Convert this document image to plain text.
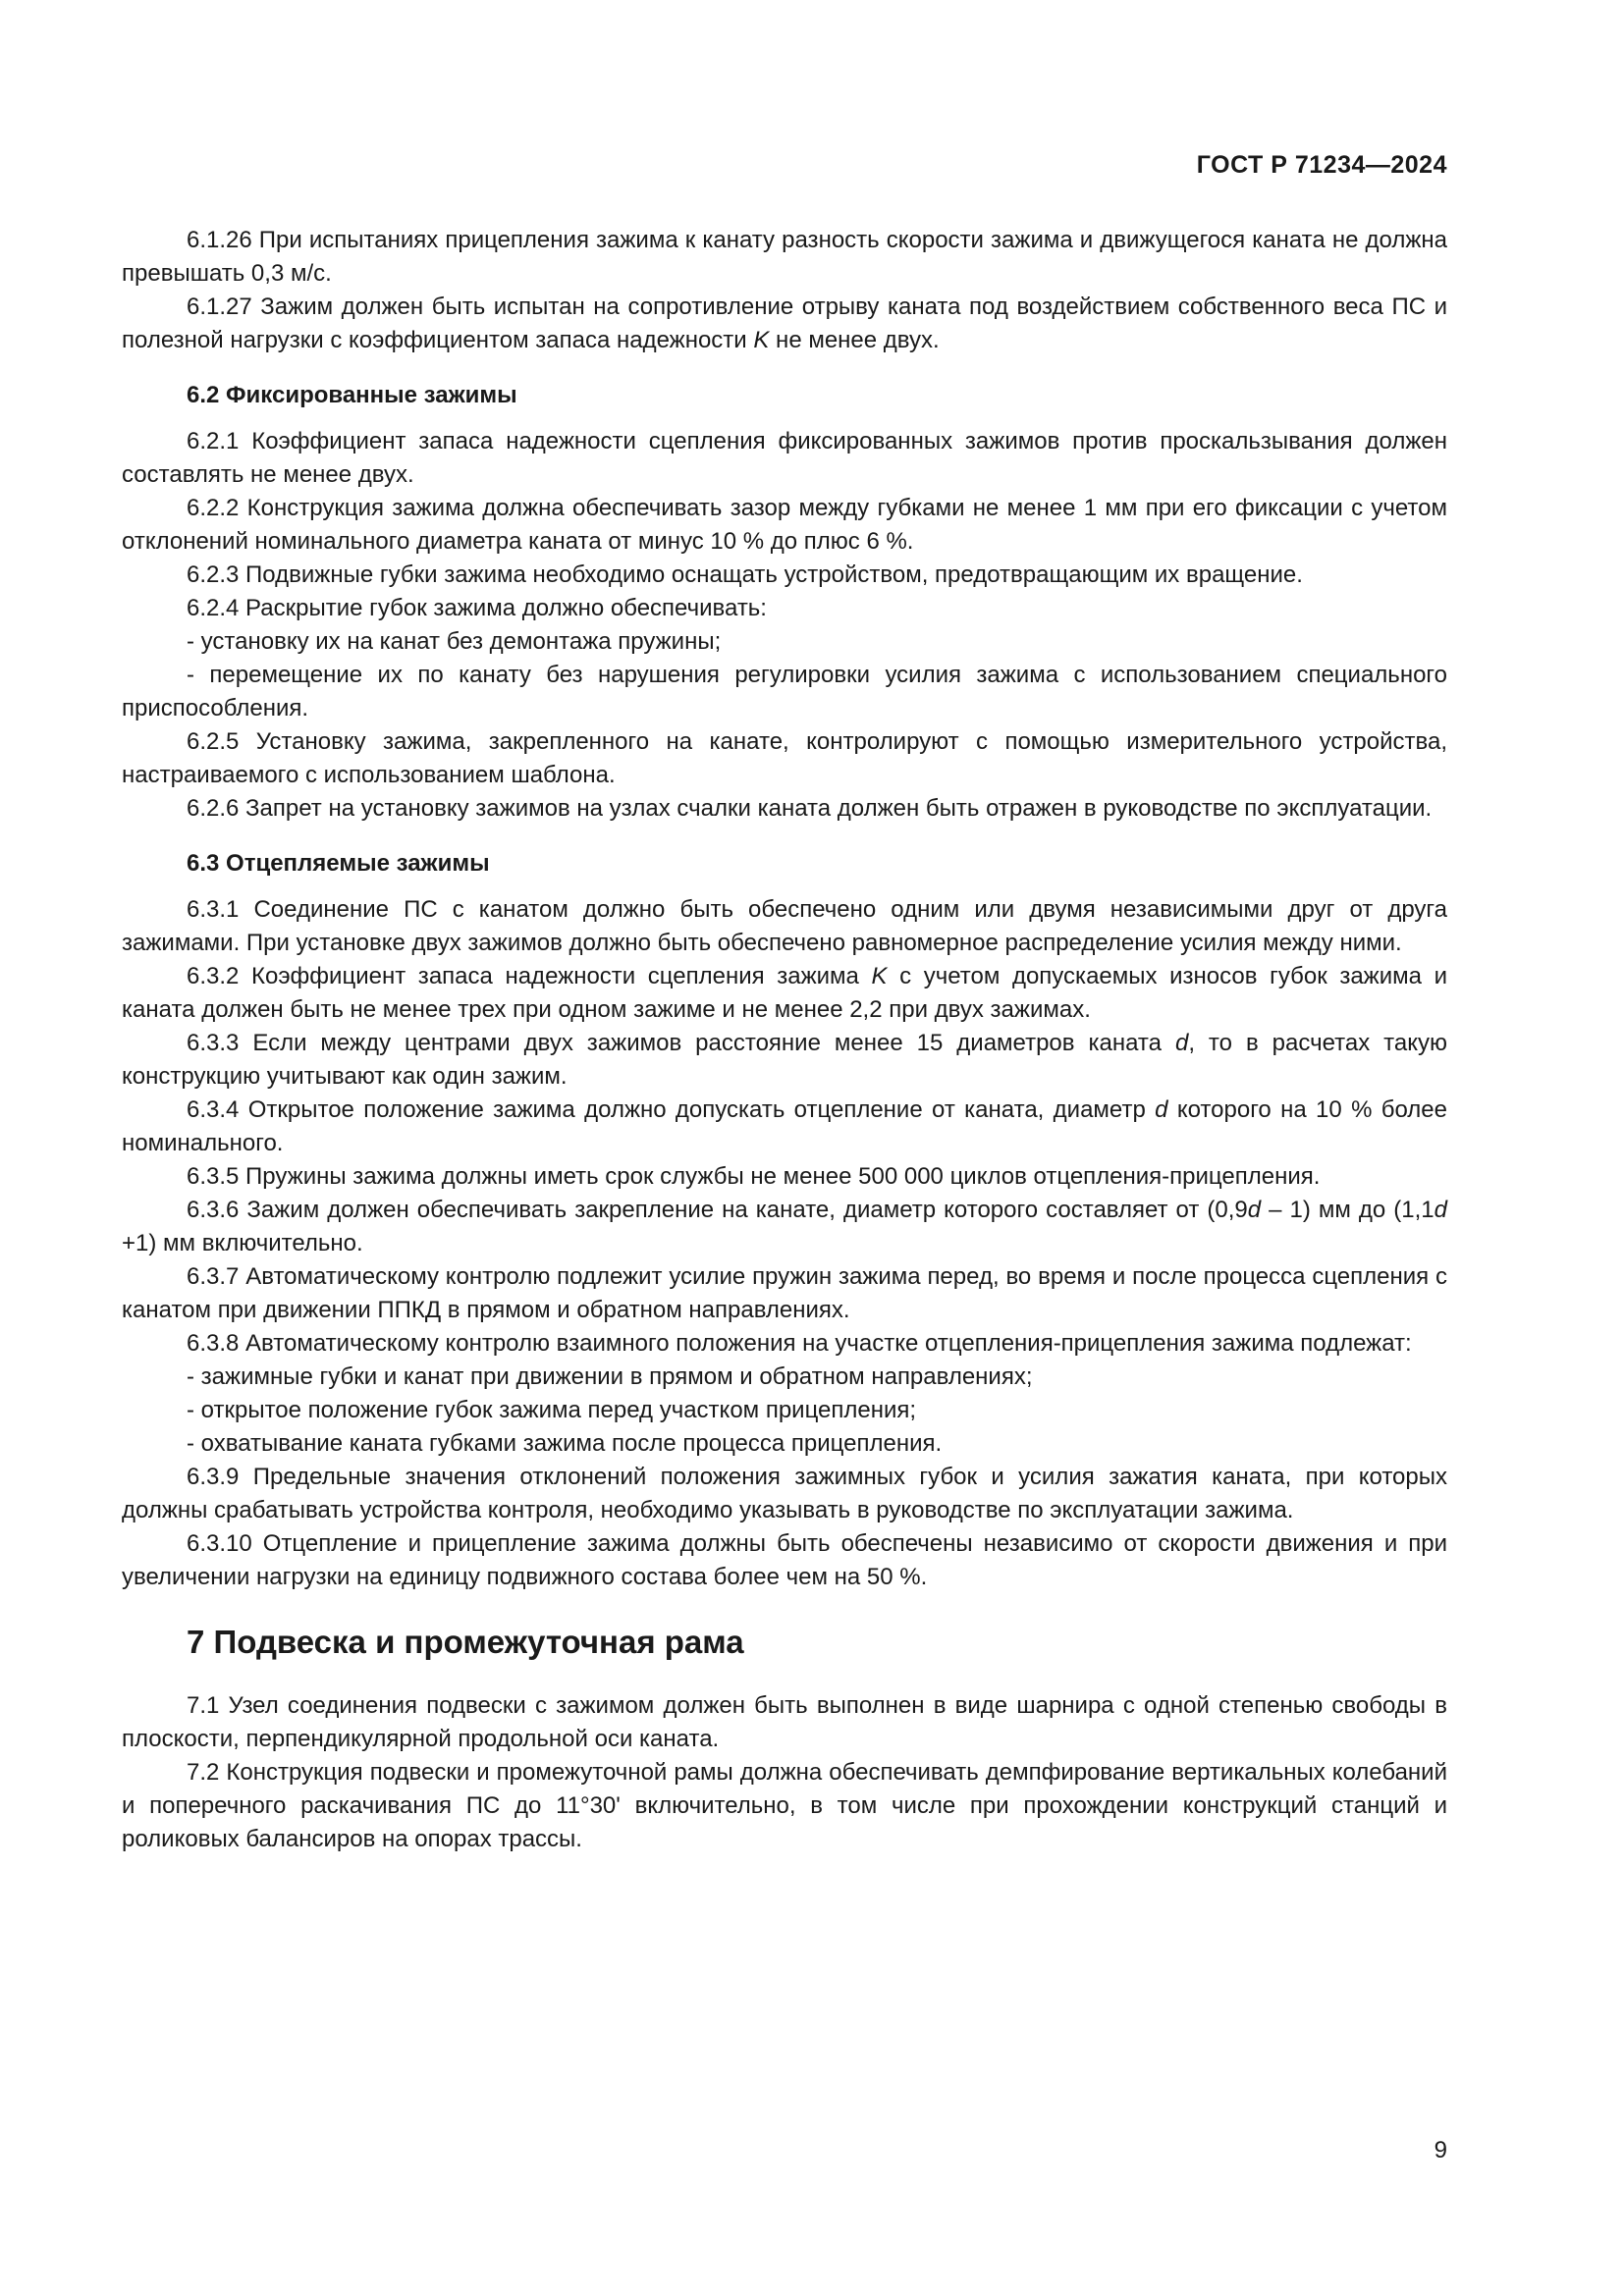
ГОСТ Р 71234—2024

6.1.26 При испытаниях прицепления зажима к канату разность скорости зажима и движущегося каната не должна превышать 0,3 м/с.

6.1.27 Зажим должен быть испытан на сопротивление отрыву каната под воздействием собственного веса ПС и полезной нагрузки с коэффициентом запаса надежности K не менее двух.

6.2 Фиксированные зажимы

6.2.1 Коэффициент запаса надежности сцепления фиксированных зажимов против проскальзывания должен составлять не менее двух.

6.2.2 Конструкция зажима должна обеспечивать зазор между губками не менее 1 мм при его фиксации с учетом отклонений номинального диаметра каната от минус 10 % до плюс 6 %.

6.2.3 Подвижные губки зажима необходимо оснащать устройством, предотвращающим их вращение.

6.2.4 Раскрытие губок зажима должно обеспечивать:

- установку их на канат без демонтажа пружины;

- перемещение их по канату без нарушения регулировки усилия зажима с использованием специального приспособления.

6.2.5 Установку зажима, закрепленного на канате, контролируют с помощью измерительного устройства, настраиваемого с использованием шаблона.

6.2.6 Запрет на установку зажимов на узлах счалки каната должен быть отражен в руководстве по эксплуатации.

6.3 Отцепляемые зажимы

6.3.1 Соединение ПС с канатом должно быть обеспечено одним или двумя независимыми друг от друга зажимами. При установке двух зажимов должно быть обеспечено равномерное распределение усилия между ними.

6.3.2 Коэффициент запаса надежности сцепления зажима K с учетом допускаемых износов губок зажима и каната должен быть не менее трех при одном зажиме и не менее 2,2 при двух зажимах.

6.3.3 Если между центрами двух зажимов расстояние менее 15 диаметров каната d, то в расчетах такую конструкцию учитывают как один зажим.

6.3.4 Открытое положение зажима должно допускать отцепление от каната, диаметр d которого на 10 % более номинального.

6.3.5 Пружины зажима должны иметь срок службы не менее 500 000 циклов отцепления-прицепления.

6.3.6 Зажим должен обеспечивать закрепление на канате, диаметр которого составляет от (0,9d – 1) мм до (1,1d +1) мм включительно.

6.3.7 Автоматическому контролю подлежит усилие пружин зажима перед, во время и после процесса сцепления с канатом при движении ППКД в прямом и обратном направлениях.

6.3.8 Автоматическому контролю взаимного положения на участке отцепления-прицепления зажима подлежат:

- зажимные губки и канат при движении в прямом и обратном направлениях;

- открытое положение губок зажима перед участком прицепления;

- охватывание каната губками зажима после процесса прицепления.

6.3.9 Предельные значения отклонений положения зажимных губок и усилия зажатия каната, при которых должны срабатывать устройства контроля, необходимо указывать в руководстве по эксплуатации зажима.

6.3.10 Отцепление и прицепление зажима должны быть обеспечены независимо от скорости движения и при увеличении нагрузки на единицу подвижного состава более чем на 50 %.

7 Подвеска и промежуточная рама

7.1 Узел соединения подвески с зажимом должен быть выполнен в виде шарнира с одной степенью свободы в плоскости, перпендикулярной продольной оси каната.

7.2 Конструкция подвески и промежуточной рамы должна обеспечивать демпфирование вертикальных колебаний и поперечного раскачивания ПС до 11°30' включительно, в том числе при прохождении конструкций станций и роликовых балансиров на опорах трассы.

9
